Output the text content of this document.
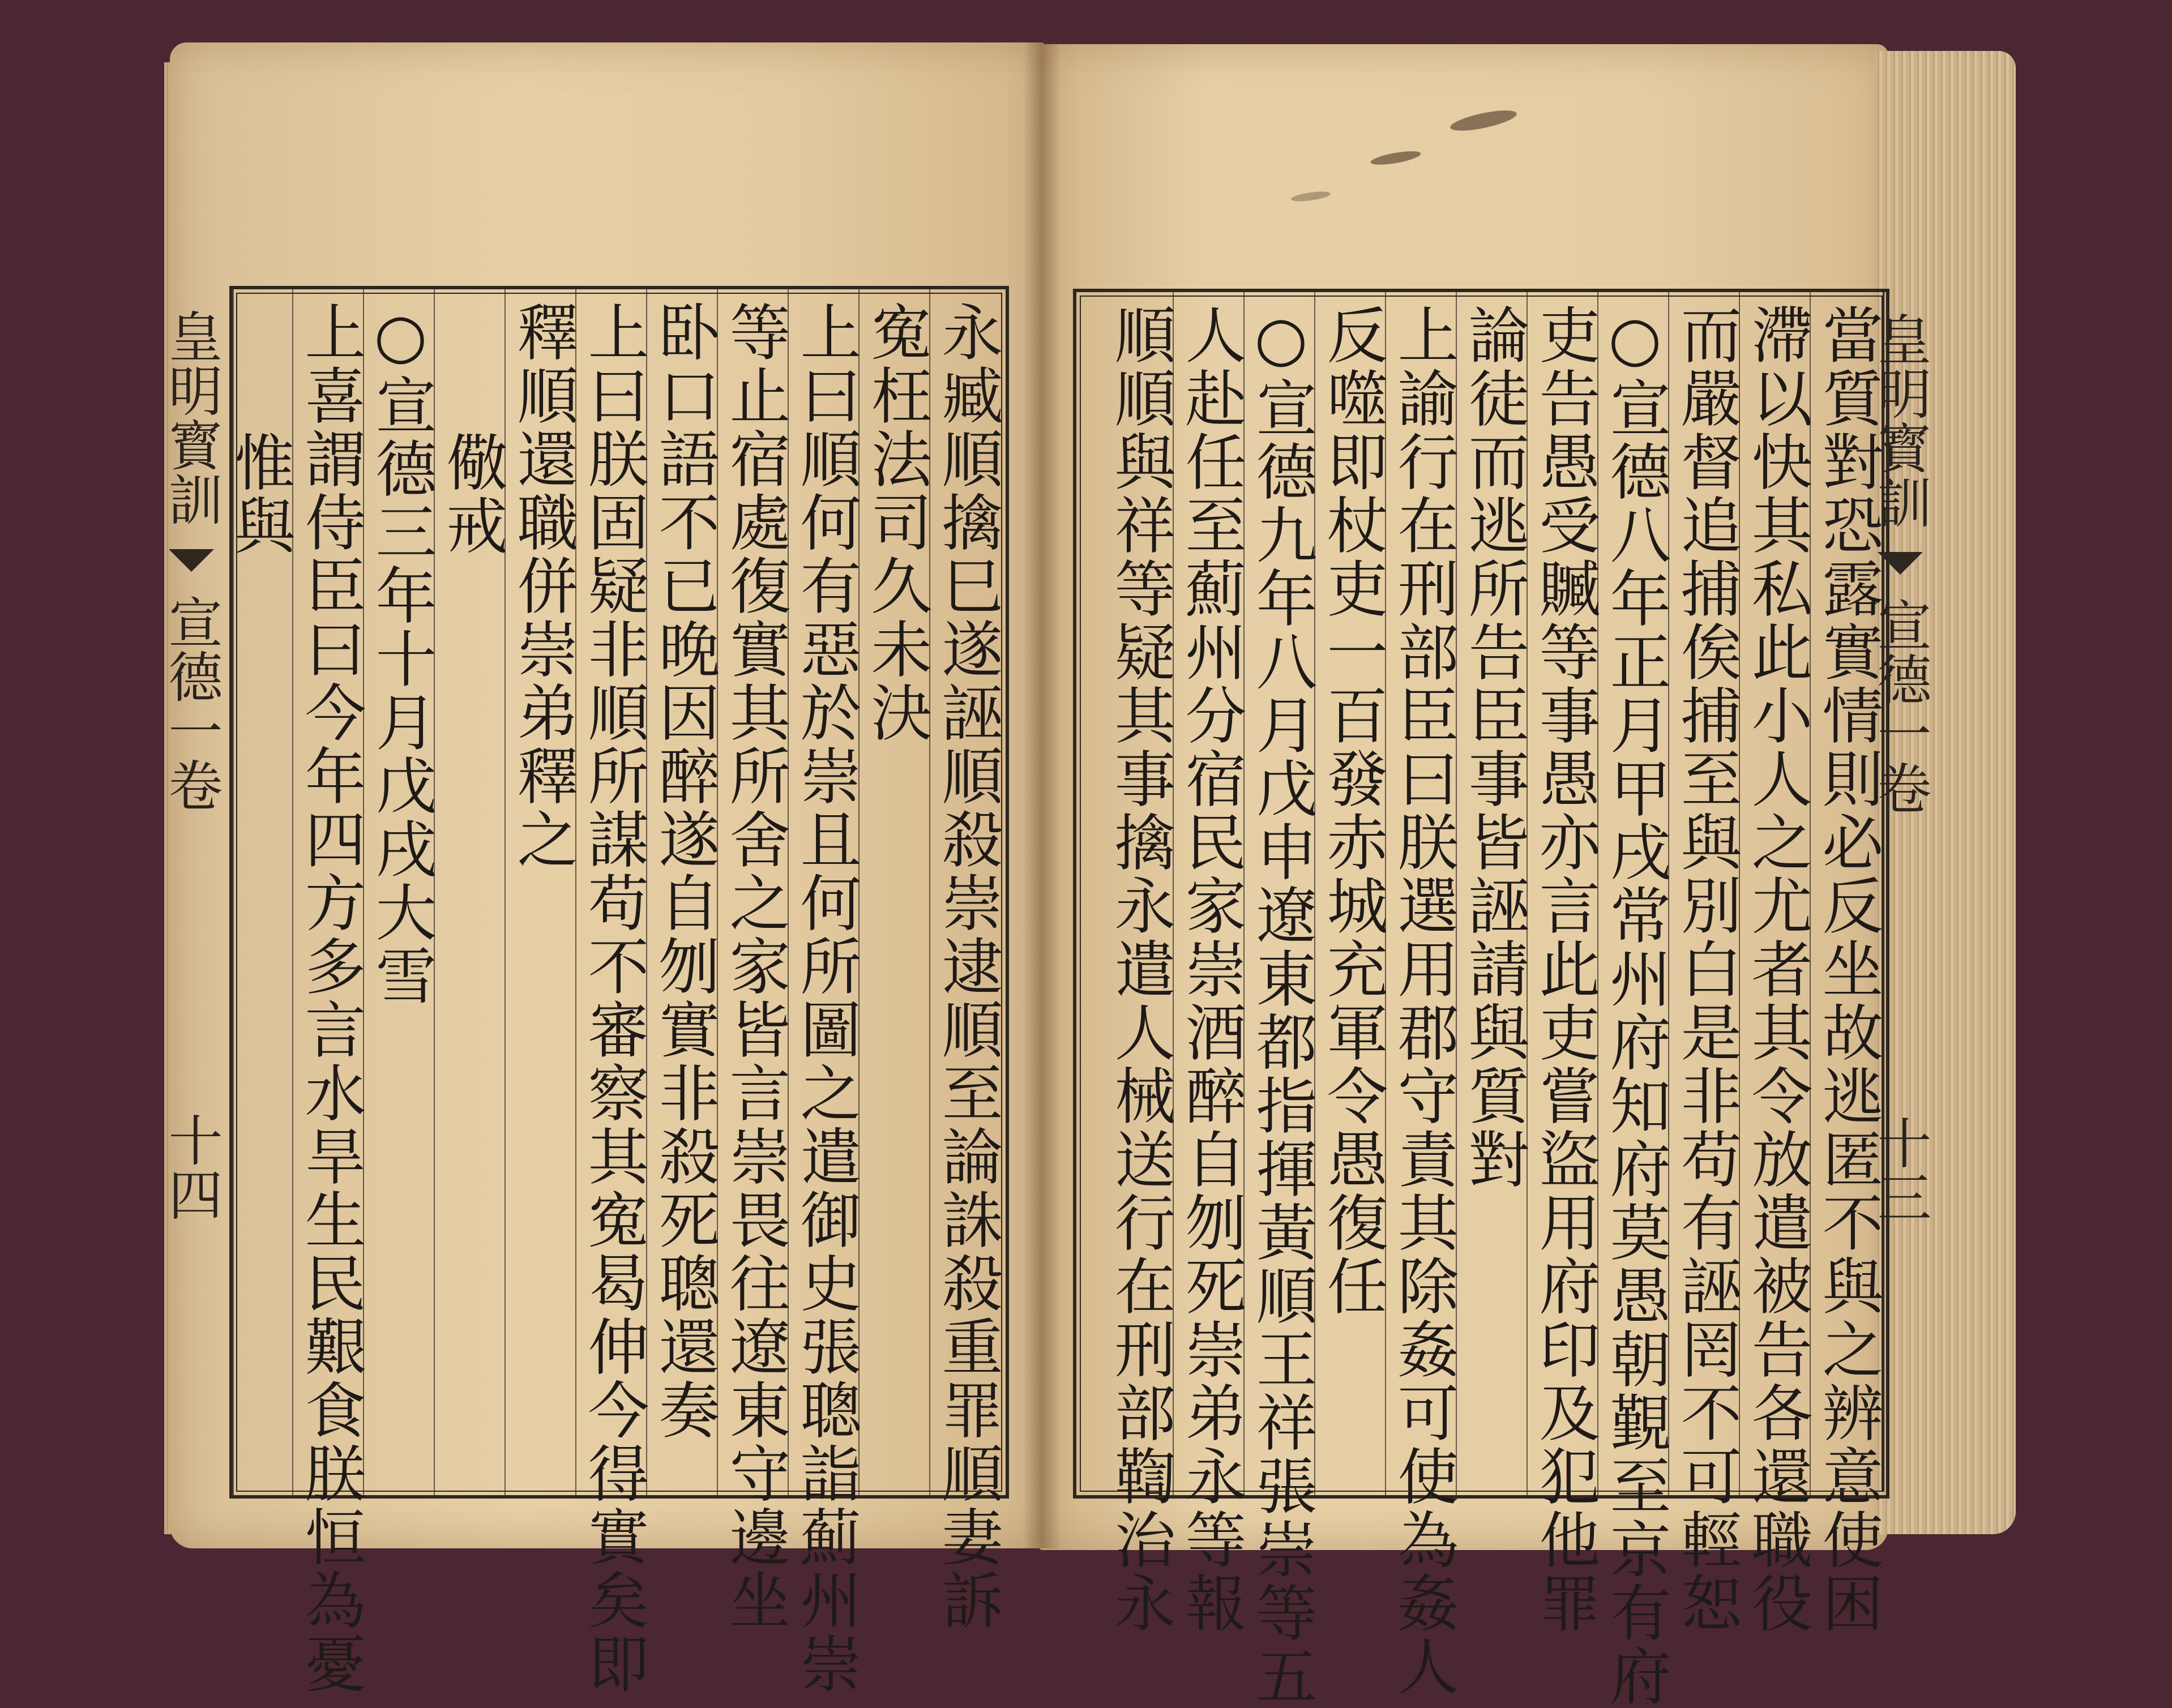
永臧順擒巳遂誣順殺崇逮順至論誅殺重罪順妻訴
寃枉法司久未決
上曰順何有惡於崇且何所圖之遣御史張聰詣薊州崇
等止宿處復實其所舍之家皆言崇畏往遼東守邊坐
卧口語不已晚因醉遂自刎實非殺死聰還奏
上曰朕固疑非順所謀苟不審察其寃曷伸今得實矣即
釋順還職併崇弟釋之
儆戒
○宣德三年十月戊戌大雪
上喜謂侍臣曰今年四方多言水旱生民艱食朕恒為憂
惟與
皇明寳訓  宣德一卷 十四	當質對恐露實情則必反坐故逃匿不與之辨意使困
滯以快其私此小人之尤者其令放遣被告各還職役
而嚴督追捕俟捕至與別白是非苟有誣罔不可輕恕
○宣德八年正月甲戌常州府知府莫愚朝覲至京有府
吏告愚受贓等事愚亦言此吏嘗盜用府印及犯他罪
論徒而逃所告臣事皆誣請與質對
上諭行在刑部臣曰朕選用郡守責其除姦可使為姦人
反噬即杖吏一百發赤城充軍令愚復任
○宣德九年八月戊申遼東都指揮黃順王祥張崇等五
人赴任至薊州分宿民家崇酒醉自刎死崇弟永等報
順順與祥等疑其事擒永遣人械送行在刑部鞫治永	皇明寳訓  宣德一卷 十三
